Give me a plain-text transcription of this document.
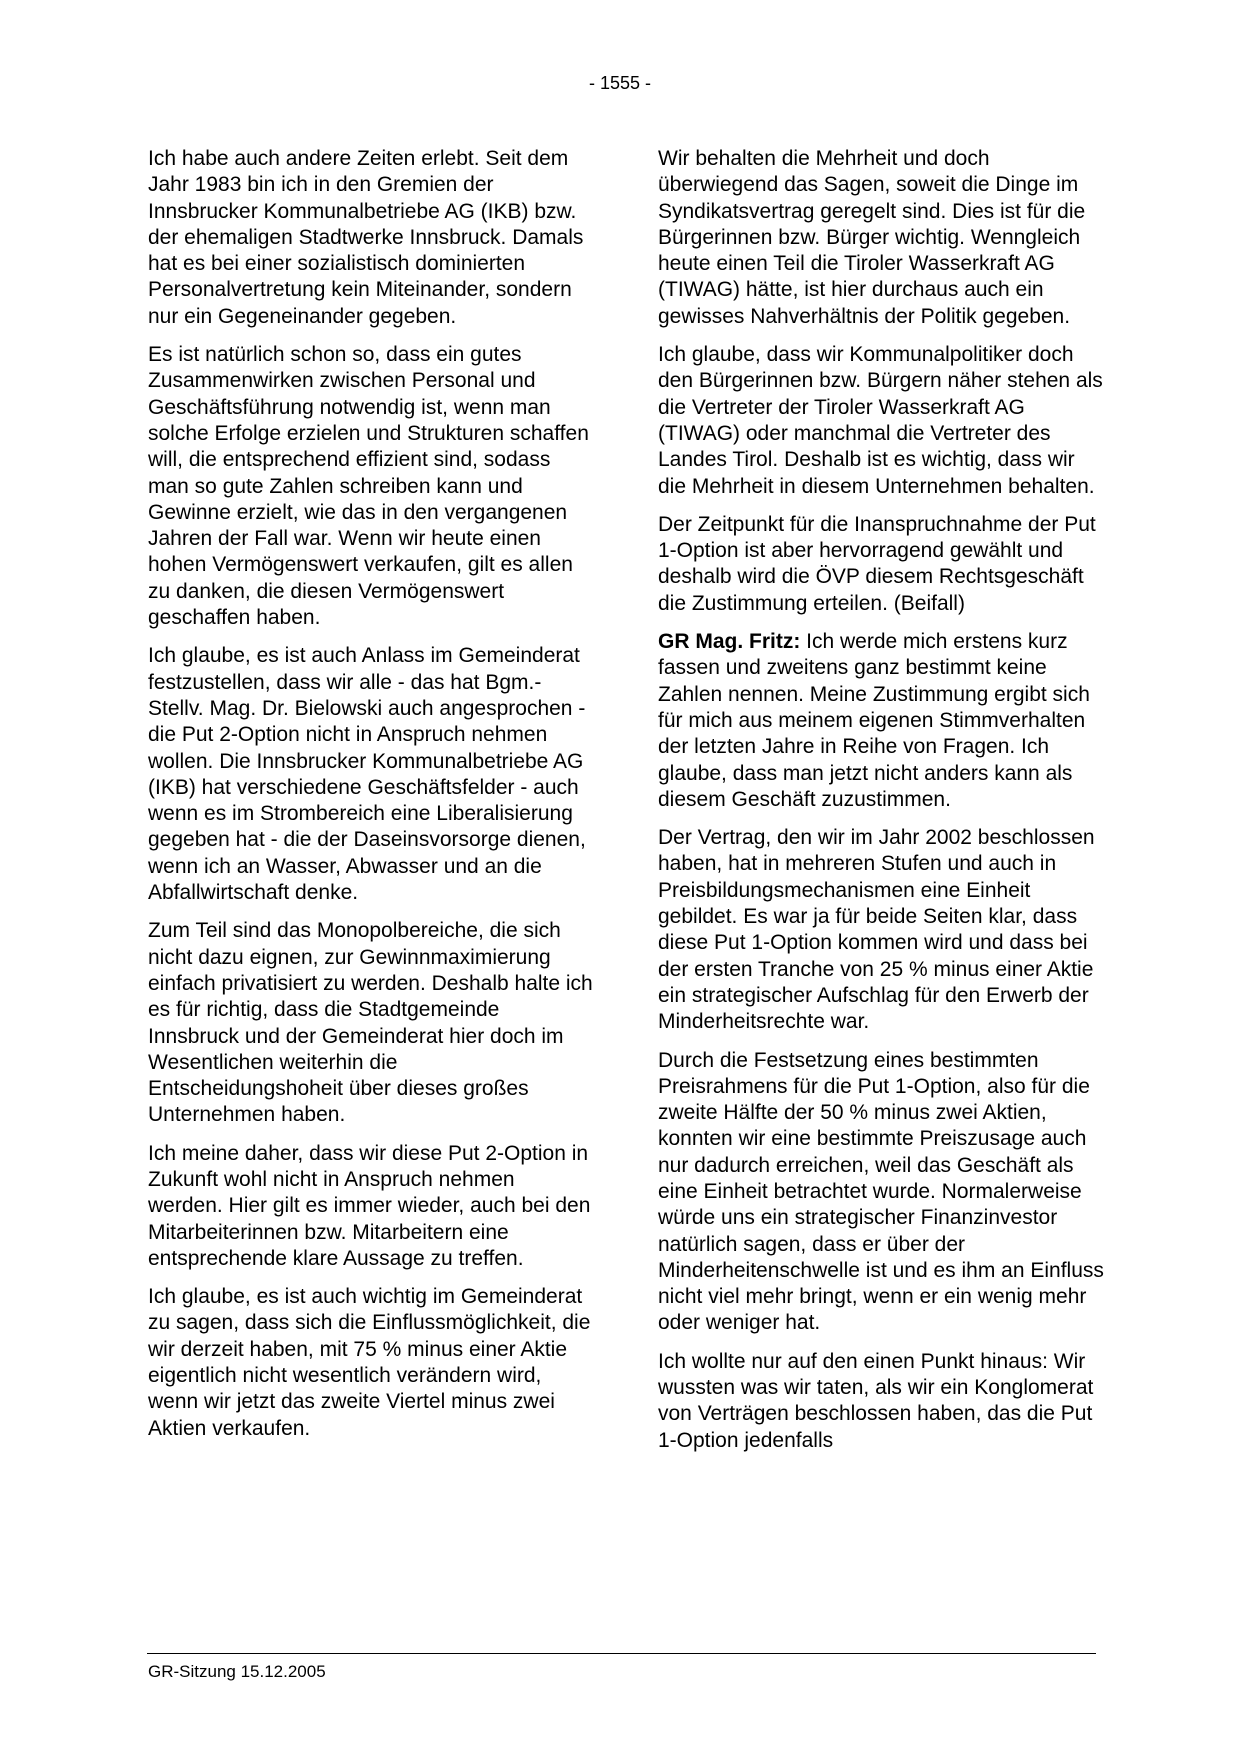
- 1555 -

Ich habe auch andere Zeiten erlebt. Seit dem Jahr 1983 bin ich in den Gremien der Innsbrucker Kommunalbetriebe AG (IKB) bzw. der ehemaligen Stadtwerke Innsbruck. Damals hat es bei einer sozialistisch dominierten Personalvertretung kein Miteinander, sondern nur ein Gegeneinander gegeben.

Es ist natürlich schon so, dass ein gutes Zusammenwirken zwischen Personal und Geschäftsführung notwendig ist, wenn man solche Erfolge erzielen und Strukturen schaffen will, die entsprechend effizient sind, sodass man so gute Zahlen schreiben kann und Gewinne erzielt, wie das in den vergangenen Jahren der Fall war. Wenn wir heute einen hohen Vermögenswert verkaufen, gilt es allen zu danken, die diesen Vermögenswert geschaffen haben.

Ich glaube, es ist auch Anlass im Gemeinderat festzustellen, dass wir alle - das hat Bgm.-Stellv. Mag. Dr. Bielowski auch angesprochen - die Put 2-Option nicht in Anspruch nehmen wollen. Die Innsbrucker Kommunalbetriebe AG (IKB) hat verschiedene Geschäftsfelder - auch wenn es im Strombereich eine Liberalisierung gegeben hat - die der Daseinsvorsorge dienen, wenn ich an Wasser, Abwasser und an die Abfallwirtschaft denke.

Zum Teil sind das Monopolbereiche, die sich nicht dazu eignen, zur Gewinnmaximierung einfach privatisiert zu werden. Deshalb halte ich es für richtig, dass die Stadtgemeinde Innsbruck und der Gemeinderat hier doch im Wesentlichen weiterhin die Entscheidungshoheit über dieses großes Unternehmen haben.

Ich meine daher, dass wir diese Put 2-Option in Zukunft wohl nicht in Anspruch nehmen werden. Hier gilt es immer wieder, auch bei den Mitarbeiterinnen bzw. Mitarbeitern eine entsprechende klare Aussage zu treffen.

Ich glaube, es ist auch wichtig im Gemeinderat zu sagen, dass sich die Einflussmöglichkeit, die wir derzeit haben, mit 75 % minus einer Aktie eigentlich nicht wesentlich verändern wird, wenn wir jetzt das zweite Viertel minus zwei Aktien verkaufen.

Wir behalten die Mehrheit und doch überwiegend das Sagen, soweit die Dinge im Syndikatsvertrag geregelt sind. Dies ist für die Bürgerinnen bzw. Bürger wichtig. Wenngleich heute einen Teil die Tiroler Wasserkraft AG (TIWAG) hätte, ist hier durchaus auch ein gewisses Nahverhältnis der Politik gegeben.

Ich glaube, dass wir Kommunalpolitiker doch den Bürgerinnen bzw. Bürgern näher stehen als die Vertreter der Tiroler Wasserkraft AG (TIWAG) oder manchmal die Vertreter des Landes Tirol. Deshalb ist es wichtig, dass wir die Mehrheit in diesem Unternehmen behalten.

Der Zeitpunkt für die Inanspruchnahme der Put 1-Option ist aber hervorragend gewählt und deshalb wird die ÖVP diesem Rechtsgeschäft die Zustimmung erteilen. (Beifall)

GR Mag. Fritz: Ich werde mich erstens kurz fassen und zweitens ganz bestimmt keine Zahlen nennen. Meine Zustimmung ergibt sich für mich aus meinem eigenen Stimmverhalten der letzten Jahre in Reihe von Fragen. Ich glaube, dass man jetzt nicht anders kann als diesem Geschäft zuzustimmen.

Der Vertrag, den wir im Jahr 2002 beschlossen haben, hat in mehreren Stufen und auch in Preisbildungsmechanismen eine Einheit gebildet. Es war ja für beide Seiten klar, dass diese Put 1-Option kommen wird und dass bei der ersten Tranche von 25 % minus einer Aktie ein strategischer Aufschlag für den Erwerb der Minderheitsrechte war.

Durch die Festsetzung eines bestimmten Preisrahmens für die Put 1-Option, also für die zweite Hälfte der 50 % minus zwei Aktien, konnten wir eine bestimmte Preiszusage auch nur dadurch erreichen, weil das Geschäft als eine Einheit betrachtet wurde. Normalerweise würde uns ein strategischer Finanzinvestor natürlich sagen, dass er über der Minderheitenschwelle ist und es ihm an Einfluss nicht viel mehr bringt, wenn er ein wenig mehr oder weniger hat.

Ich wollte nur auf den einen Punkt hinaus: Wir wussten was wir taten, als wir ein Konglomerat von Verträgen beschlossen haben, das die Put 1-Option jedenfalls

GR-Sitzung 15.12.2005
